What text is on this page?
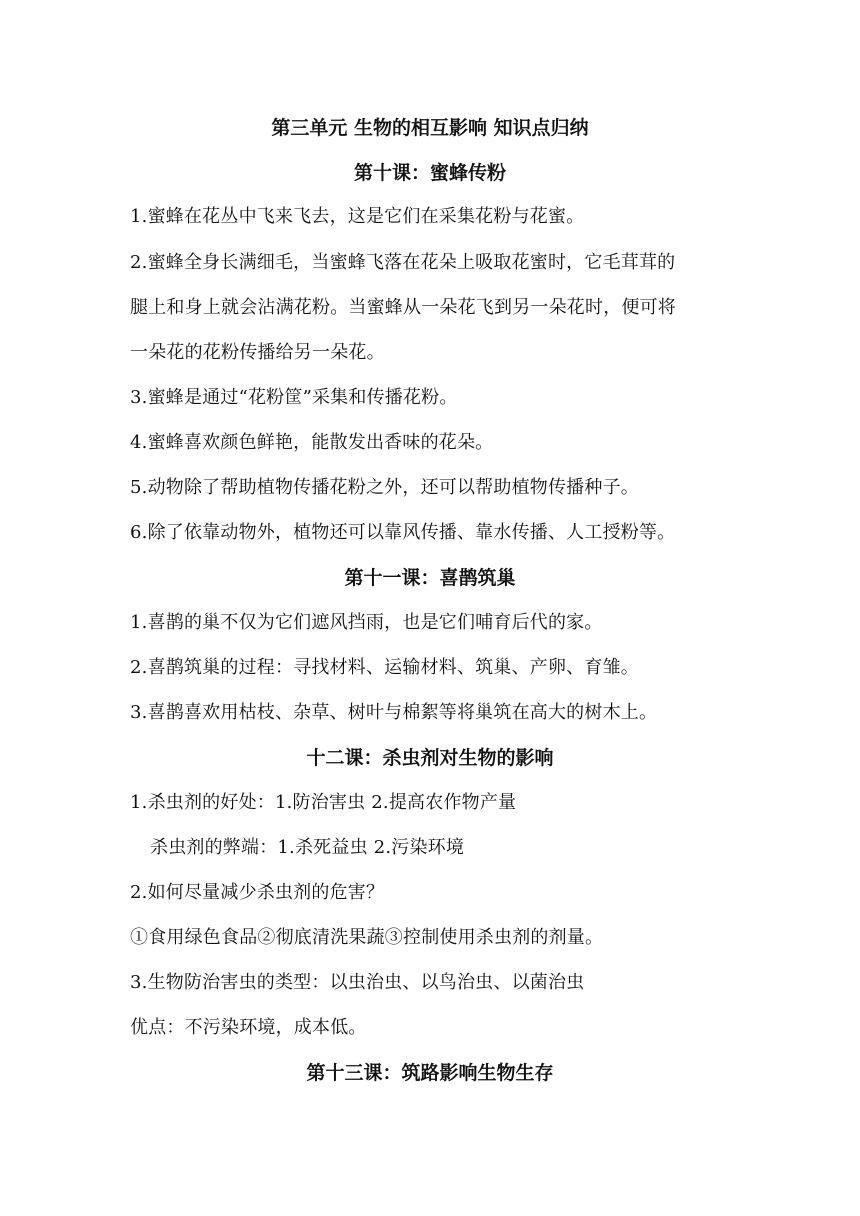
第三单元 生物的相互影响 知识点归纳
第十课：蜜蜂传粉
1.蜜蜂在花丛中飞来飞去，这是它们在采集花粉与花蜜。
2.蜜蜂全身长满细毛，当蜜蜂飞落在花朵上吸取花蜜时，它毛茸茸的
腿上和身上就会沾满花粉。当蜜蜂从一朵花飞到另一朵花时，便可将
一朵花的花粉传播给另一朵花。
3.蜜蜂是通过“花粉筐”采集和传播花粉。
4.蜜蜂喜欢颜色鲜艳，能散发出香味的花朵。
5.动物除了帮助植物传播花粉之外，还可以帮助植物传播种子。
6.除了依靠动物外，植物还可以靠风传播、靠水传播、人工授粉等。
第十一课：喜鹊筑巢
1.喜鹊的巢不仅为它们遮风挡雨，也是它们哺育后代的家。
2.喜鹊筑巢的过程：寻找材料、运输材料、筑巢、产卵、育雏。
3.喜鹊喜欢用枯枝、杂草、树叶与棉絮等将巢筑在高大的树木上。
十二课：杀虫剂对生物的影响
1.杀虫剂的好处：1.防治害虫 2.提高农作物产量
杀虫剂的弊端：1.杀死益虫 2.污染环境
2.如何尽量减少杀虫剂的危害？
①食用绿色食品②彻底清洗果蔬③控制使用杀虫剂的剂量。
3.生物防治害虫的类型：以虫治虫、以鸟治虫、以菌治虫
优点：不污染环境，成本低。
第十三课：筑路影响生物生存
